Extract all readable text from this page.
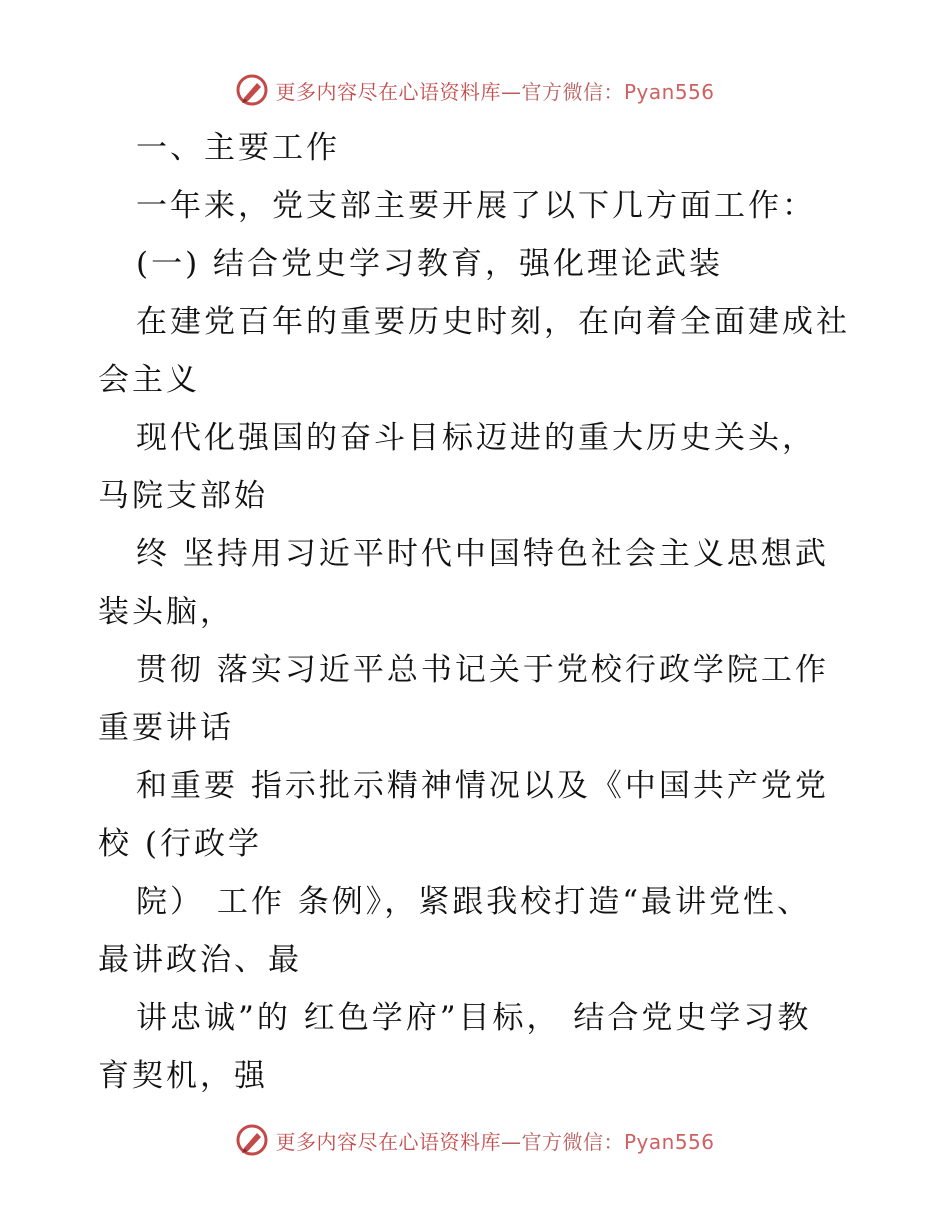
更多内容尽在心语资料库—官方微信：Pyan556
一、主要工作
一年来，党支部主要开展了以下几方面工作：
(一) 结合党史学习教育，强化理论武装
在建党百年的重要历史时刻，在向着全面建成社
会主义
现代化强国的奋斗目标迈进的重大历史关头，
马院支部始
终 坚持用习近平时代中国特色社会主义思想武
装头脑，
贯彻 落实习近平总书记关于党校行政学院工作
重要讲话
和重要 指示批示精神情况以及《中国共产党党
校 (行政学
院） 工作 条例》，紧跟我校打造“最讲党性、
最讲政治、最
讲忠诚”的 红色学府”目标， 结合党史学习教
育契机，强
更多内容尽在心语资料库—官方微信：Pyan556
